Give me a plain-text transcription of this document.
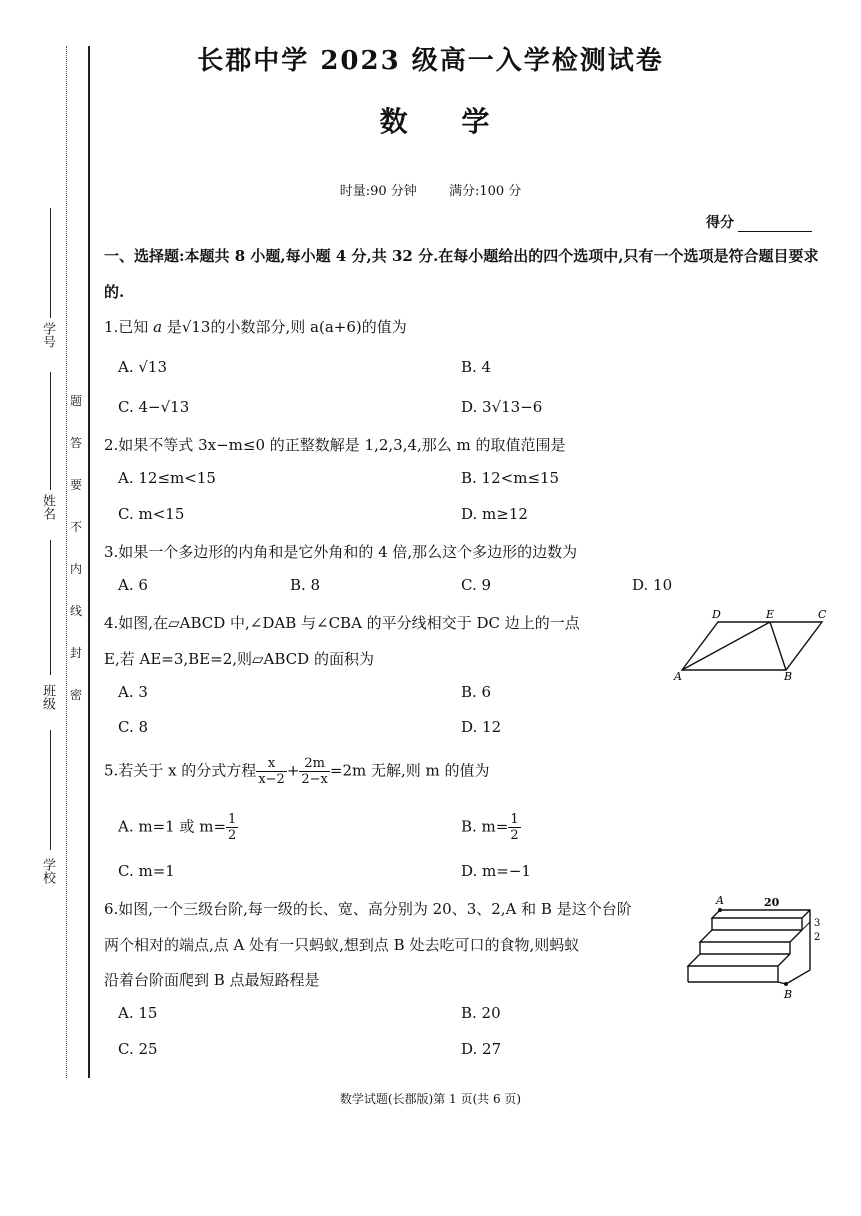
学号
姓名
班级
学校
题
答
要
不
内
线
封
密
长郡中学 2023 级高一入学检测试卷
数 学
时量:90 分钟 满分:100 分
得分
一、选择题:本题共 8 小题,每小题 4 分,共 32 分.在每小题给出的四个选项中,只有一个选项是符合题目要求的.
1.已知 a 是√13的小数部分,则 a(a+6)的值为
A. √13	B. 4
C. 4−√13	D. 3√13−6
2.如果不等式 3x−m≤0 的正整数解是 1,2,3,4,那么 m 的取值范围是
A. 12≤m<15	B. 12<m≤15
C. m<15	D. m≥12
3.如果一个多边形的内角和是它外角和的 4 倍,那么这个多边形的边数为
A. 6	B. 8	C. 9	D. 10
4.如图,在▱ABCD 中,∠DAB 与∠CBA 的平分线相交于 DC 边上的一点
E,若 AE=3,BE=2,则▱ABCD 的面积为
A. 3	B. 6
C. 8	D. 12
D	E	C
A	B
5.若关于 x 的分式方程 $\frac{x}{x-2} + \frac{2m}{2-x} =2m$ 无解,则 m 的值为
A. m=1 或 $m= \frac{1}{2}$	B. $m= \frac{1}{2}$
C. m=1	D. m=−1
6.如图,一个三级台阶,每一级的长、宽、高分别为 20、3、2,A 和 B 是这个台阶
两个相对的端点,点 A 处有一只蚂蚁,想到点 B 处去吃可口的食物,则蚂蚁
沿着台阶面爬到 B 点最短路程是
A. 15	B. 20
C. 25	D. 27
A	20
3
2
B
数学试题(长郡版)第 1 页(共 6 页)
